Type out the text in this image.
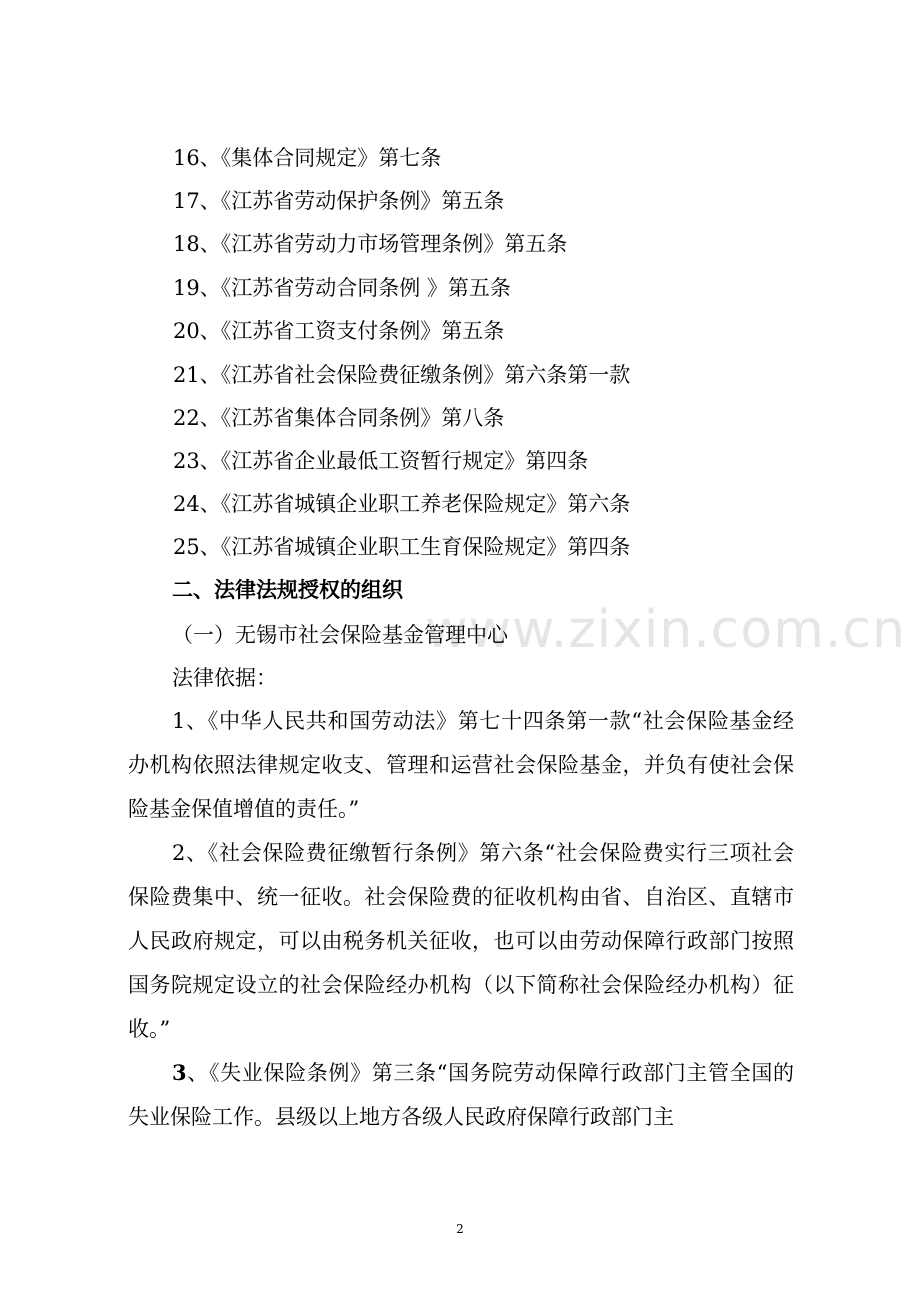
16、《集体合同规定》第七条
17、《江苏省劳动保护条例》第五条
18、《江苏省劳动力市场管理条例》第五条
19、《江苏省劳动合同条例 》第五条
20、《江苏省工资支付条例》第五条
21、《江苏省社会保险费征缴条例》第六条第一款
22、《江苏省集体合同条例》第八条
23、《江苏省企业最低工资暂行规定》第四条
24、《江苏省城镇企业职工养老保险规定》第六条
25、《江苏省城镇企业职工生育保险规定》第四条
二、法律法规授权的组织
www.zixin.com.cn
（一）无锡市社会保险基金管理中心
法律依据：

1、《中华人民共和国劳动法》第七十四条第一款“社会保险基金经办机构依照法律规定收支、管理和运营社会保险基金，并负有使社会保险基金保值增值的责任。”

2、《社会保险费征缴暂行条例》第六条“社会保险费实行三项社会保险费集中、统一征收。社会保险费的征收机构由省、自治区、直辖市人民政府规定，可以由税务机关征收，也可以由劳动保障行政部门按照国务院规定设立的社会保险经办机构（以下简称社会保险经办机构）征收。”

3、《失业保险条例》第三条“国务院劳动保障行政部门主管全国的失业保险工作。县级以上地方各级人民政府保障行政部门主

2
